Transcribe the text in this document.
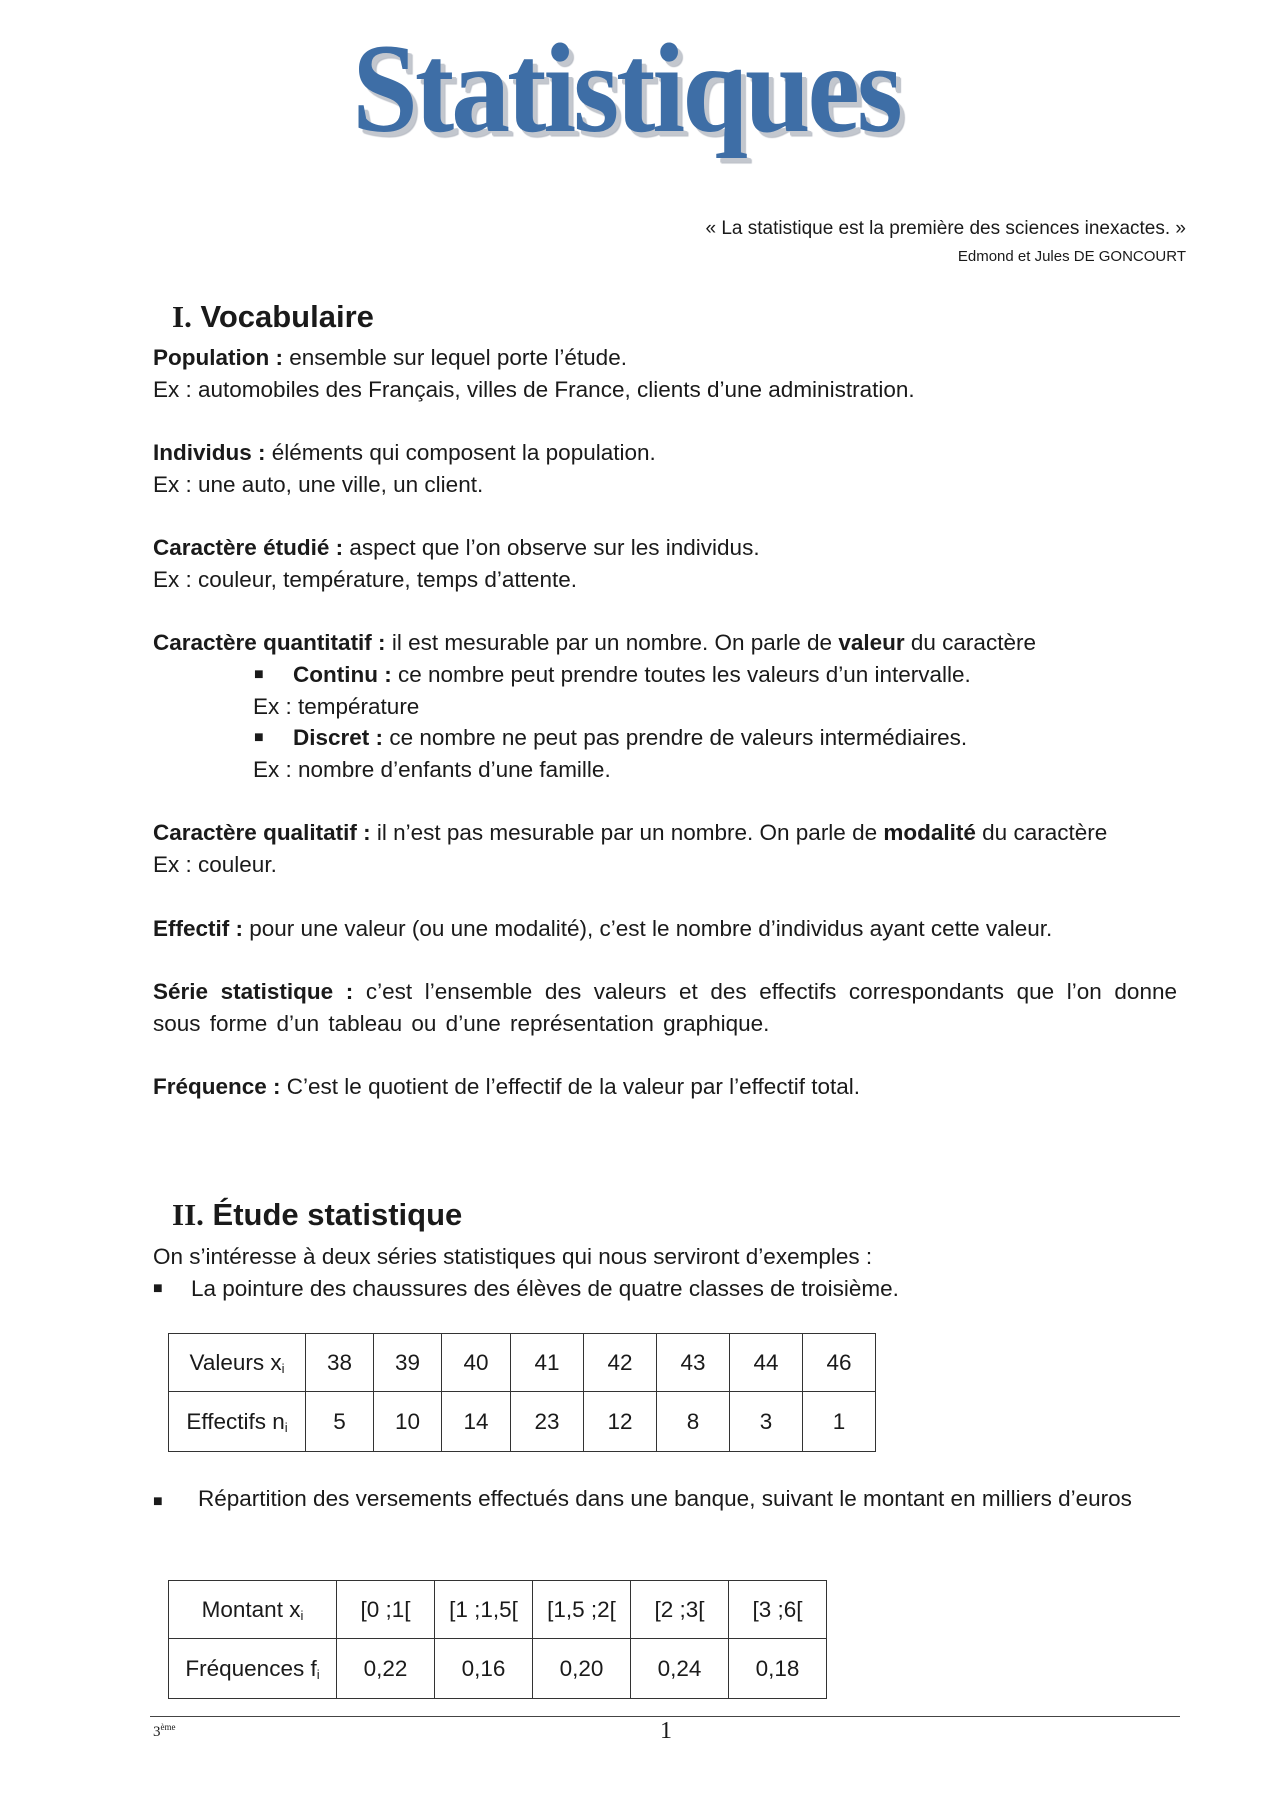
Statistiques
« La statistique est la première des sciences inexactes. »
Edmond et Jules DE GONCOURT
I. Vocabulaire

Population : ensemble sur lequel porte l’étude.

Ex : automobiles des Français, villes de France, clients d’une administration.

Individus : éléments qui composent la population.

Ex : une auto, une ville, un client.

Caractère étudié : aspect que l’on observe sur les individus.

Ex : couleur, température, temps d’attente.

Caractère quantitatif : il est mesurable par un nombre. On parle de valeur du caractère

■ Continu : ce nombre peut prendre toutes les valeurs d’un intervalle.

Ex : température

■ Discret : ce nombre ne peut pas prendre de valeurs intermédiaires.

Ex : nombre d’enfants d’une famille.

Caractère qualitatif : il n’est pas mesurable par un nombre. On parle de modalité du caractère

Ex : couleur.

Effectif : pour une valeur (ou une modalité), c’est le nombre d’individus ayant cette valeur.

Série statistique : c’est l’ensemble des valeurs et des effectifs correspondants que l’on donne sous forme d’un tableau ou d’une représentation graphique.

Fréquence : C’est le quotient de l’effectif de la valeur par l’effectif total.

II. Étude statistique

On s’intéresse à deux séries statistiques qui nous serviront d’exemples :

■ La pointure des chaussures des élèves de quatre classes de troisième.

Valeurs $x_i$	38	39	40	41	42	43	44	46
Effectifs $n_i$	5	10	14	23	12	8	3	1

■ Répartition des versements effectués dans une banque, suivant le montant en milliers d’euros

Montant $x_i$	[0 ;1[	[1 ;1,5[	[1,5 ;2[	[2 ;3[	[3 ;6[
Fréquences $f_i$	0,22	0,16	0,20	0,24	0,18
3ème	1
